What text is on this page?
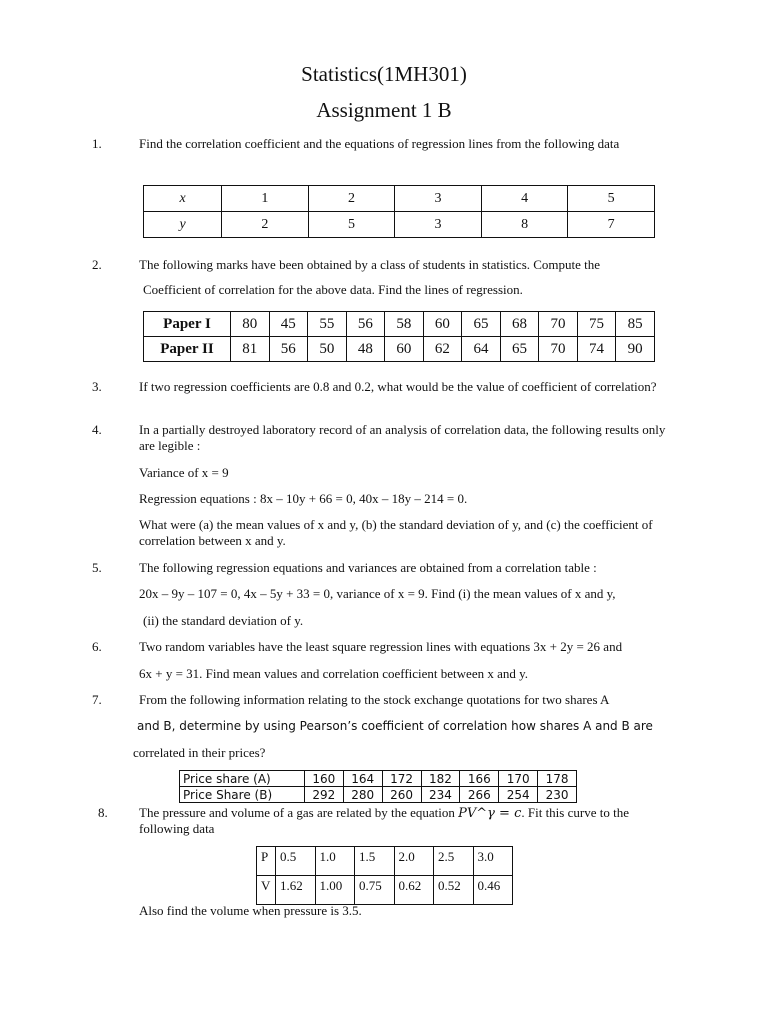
Statistics(1MH301)
Assignment 1 B
1.	Find the correlation coefficient and the equations of regression lines from the following data
x	1	2	3	4	5
y	2	5	3	8	7
2.	The following marks have been obtained by a class of students in statistics. Compute the
Coefficient of correlation for the above data. Find the lines of regression.
Paper I	80	45	55	56	58	60	65	68	70	75	85
Paper II	81	56	50	48	60	62	64	65	70	74	90
3.	If two regression coefficients are 0.8 and 0.2, what would be the value of coefficient of correlation?
4.	In a partially destroyed laboratory record of an analysis of correlation data, the following results only are legible :
Variance of x = 9
Regression equations : 8x – 10y + 66 = 0, 40x – 18y – 214 = 0.
What were (a) the mean values of x and y, (b) the standard deviation of y, and (c) the coefficient of correlation between x and y.
5.	The following regression equations and variances are obtained from a correlation table :
20x – 9y – 107 = 0, 4x – 5y + 33 = 0, variance of x = 9. Find (i) the mean values of x and y,
(ii) the standard deviation of y.
6.	Two random variables have the least square regression lines with equations 3x + 2y = 26 and
6x + y = 31. Find mean values and correlation coefficient between x and y.
7.	From the following information relating to the stock exchange quotations for two shares A
and B, determine by using Pearson’s coefficient of correlation how shares A and B are
correlated in their prices?
Price share (A)	160	164	172	182	166	170	178
Price Share (B)	292	280	260	234	266	254	230
8. The pressure and volume of a gas are related by the equation PV^γ = c. Fit this curve to the
following data
P	0.5	1.0	1.5	2.0	2.5	3.0
V	1.62	1.00	0.75	0.62	0.52	0.46
Also find the volume when pressure is 3.5.
